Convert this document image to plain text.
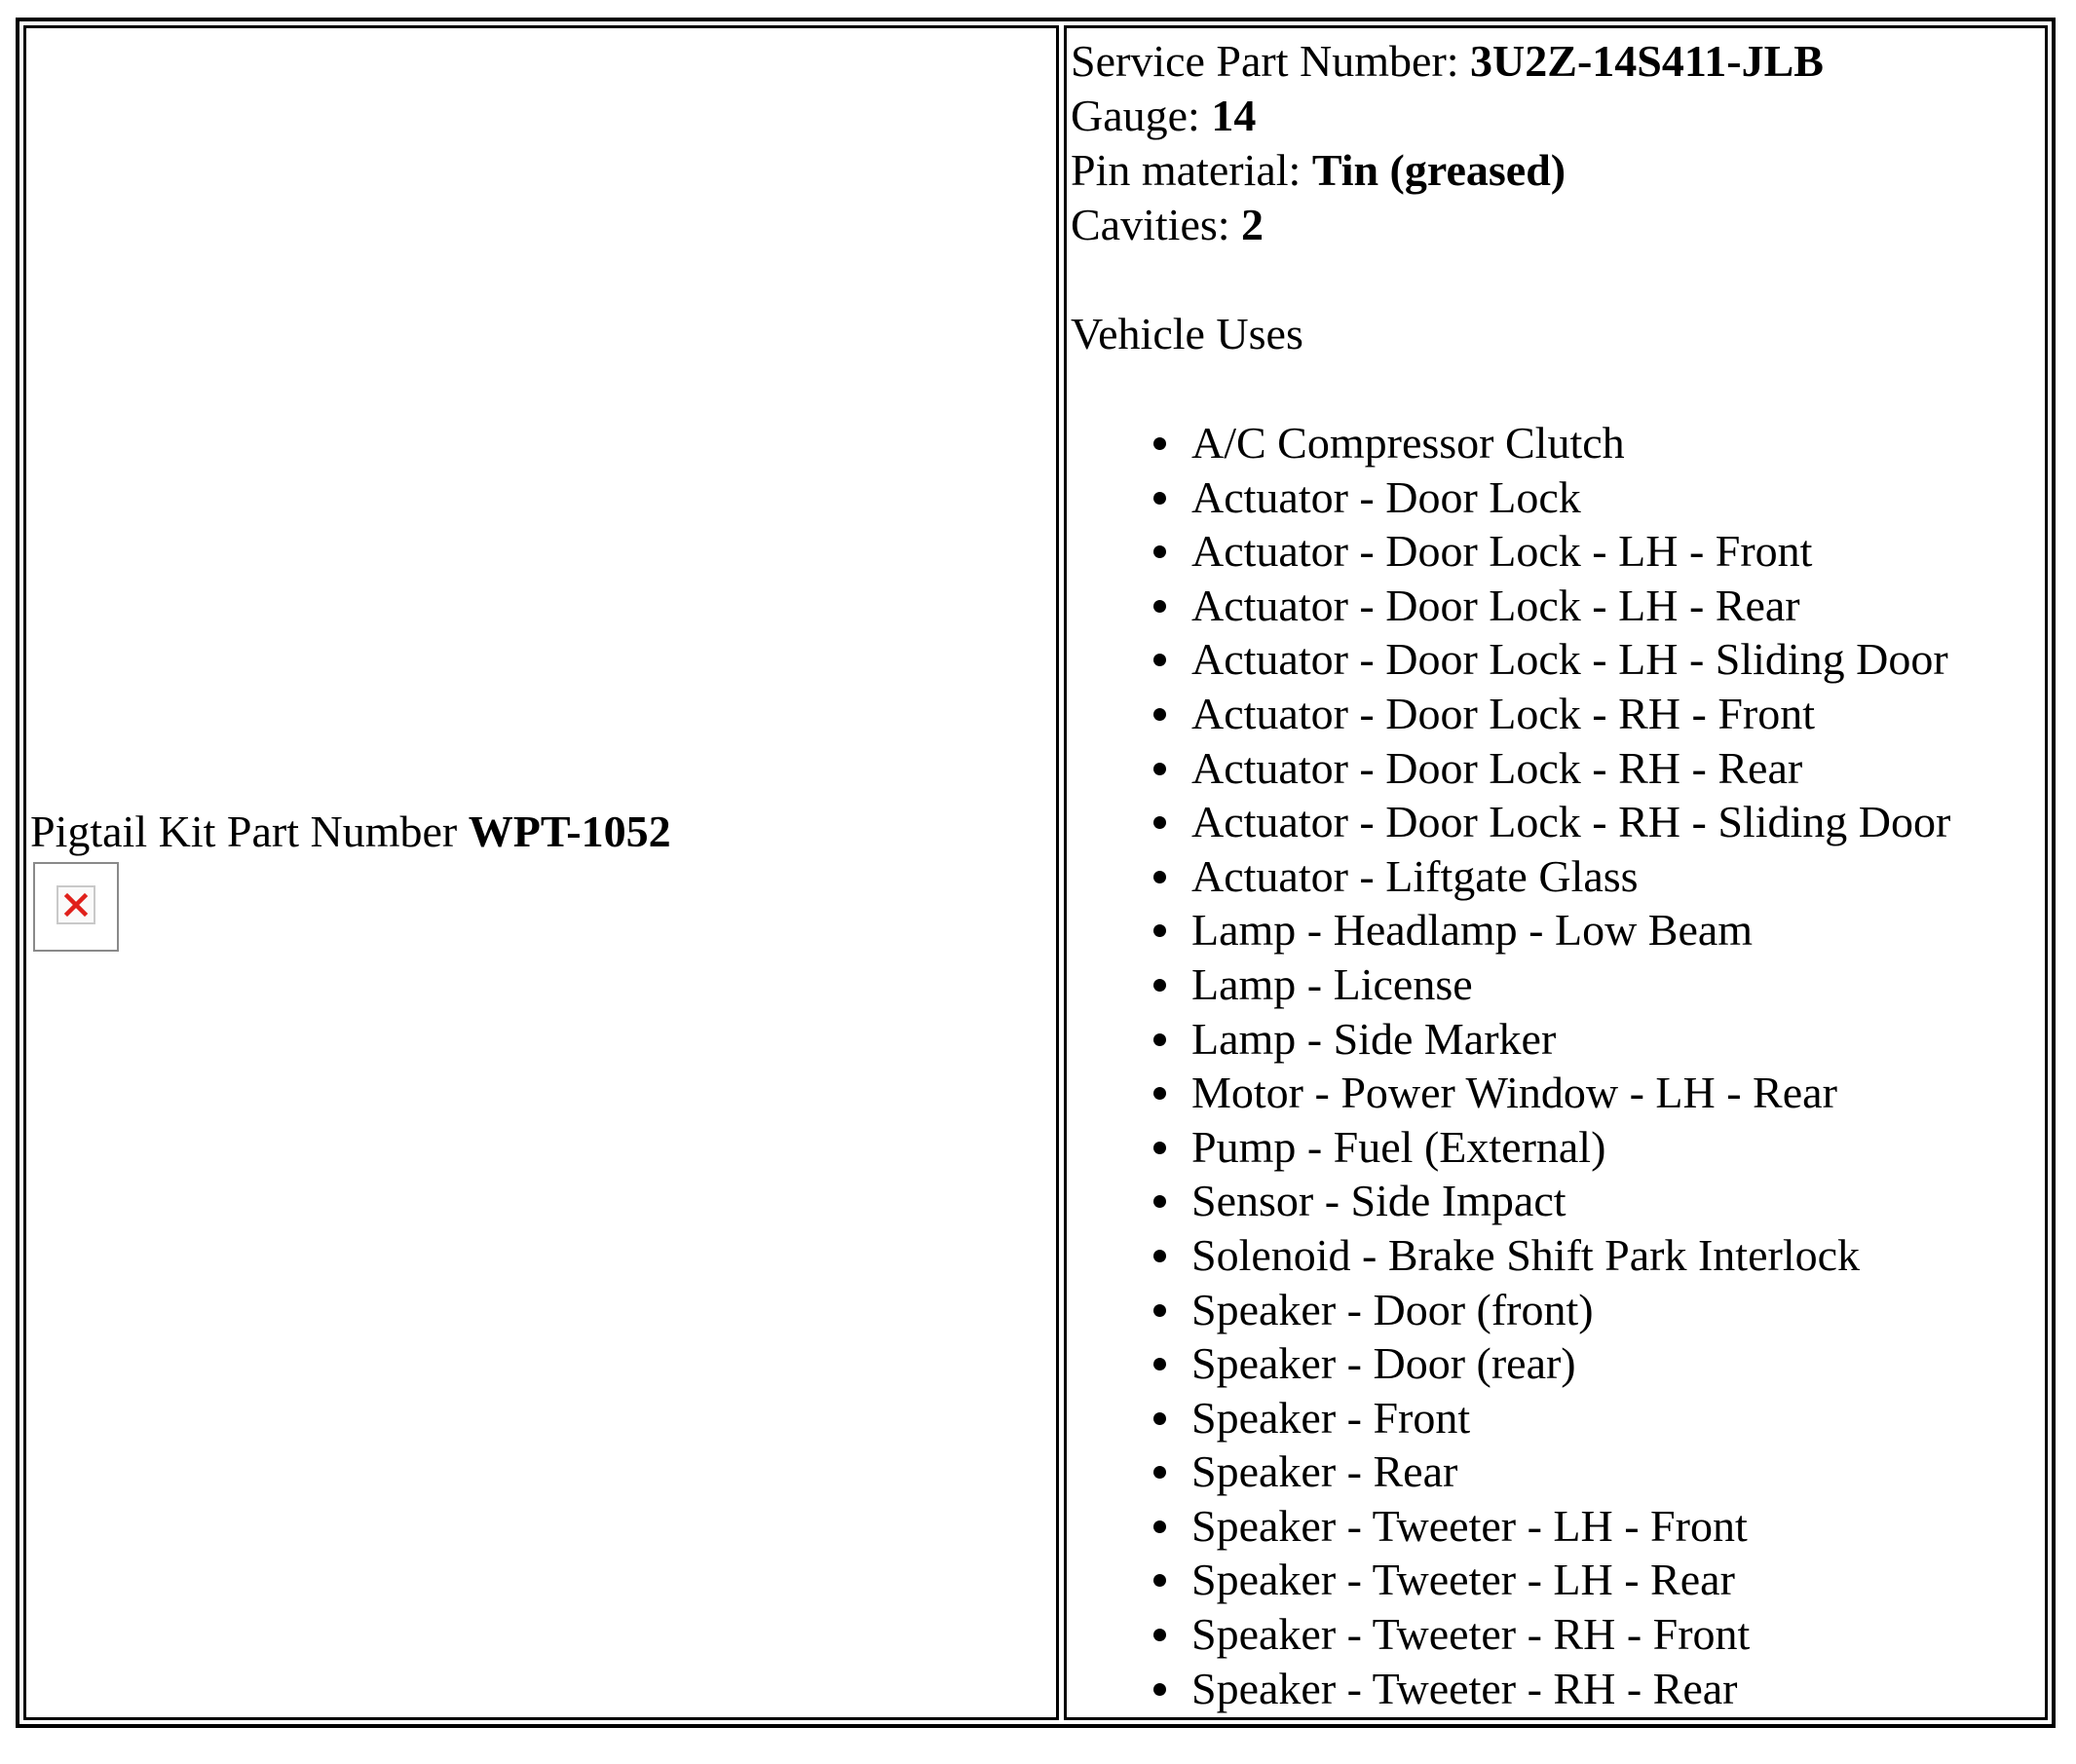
Pigtail Kit Part Number WPT-1052
Service Part Number: 3U2Z-14S411-JLB
Gauge: 14
Pin material: Tin (greased)
Cavities: 2
Vehicle Uses
A/C Compressor Clutch
Actuator - Door Lock
Actuator - Door Lock - LH - Front
Actuator - Door Lock - LH - Rear
Actuator - Door Lock - LH - Sliding Door
Actuator - Door Lock - RH - Front
Actuator - Door Lock - RH - Rear
Actuator - Door Lock - RH - Sliding Door
Actuator - Liftgate Glass
Lamp - Headlamp - Low Beam
Lamp - License
Lamp - Side Marker
Motor - Power Window - LH - Rear
Pump - Fuel (External)
Sensor - Side Impact
Solenoid - Brake Shift Park Interlock
Speaker - Door (front)
Speaker - Door (rear)
Speaker - Front
Speaker - Rear
Speaker - Tweeter - LH - Front
Speaker - Tweeter - LH - Rear
Speaker - Tweeter - RH - Front
Speaker - Tweeter - RH - Rear
